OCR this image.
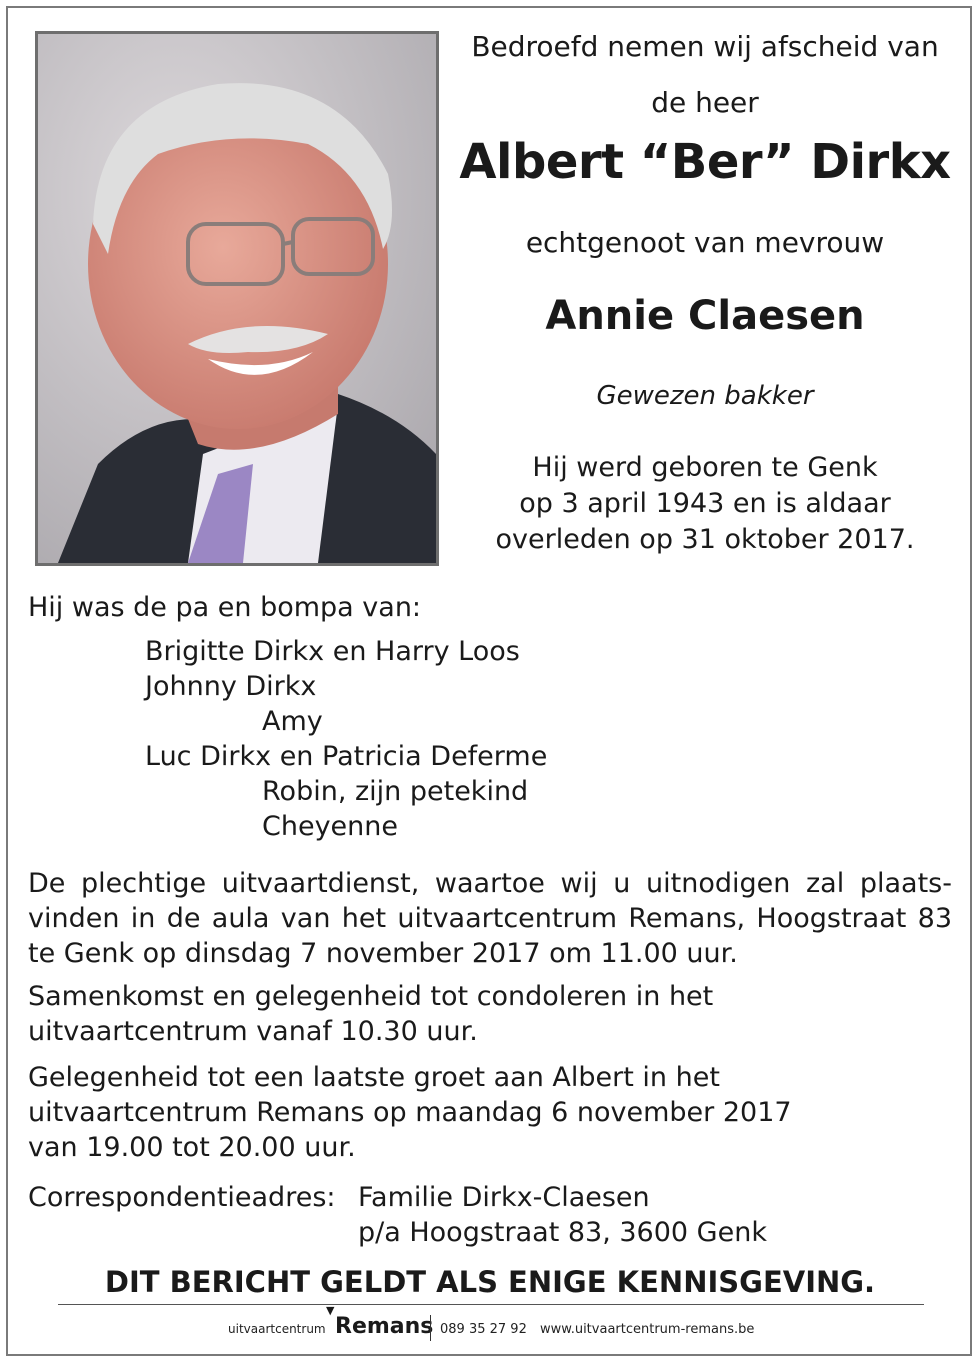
Bedroefd nemen wij afscheid van
de heer
Albert “Ber” Dirkx
echtgenoot van mevrouw
Annie Claesen
Gewezen bakker
Hij werd geboren te Genk
op 3 april 1943 en is aldaar
overleden op 31 oktober 2017.
Hij was de pa en bompa van:
Brigitte Dirkx en Harry Loos
Johnny Dirkx
Amy
Luc Dirkx en Patricia Deferme
Robin, zijn petekind
Cheyenne
De plechtige uitvaartdienst, waartoe wij u uitnodigen zal plaats- vinden in de aula van het uitvaartcentrum Remans, Hoogstraat 83 te Genk op dinsdag 7 november 2017 om 11.00 uur.
Samenkomst en gelegenheid tot condoleren in het uitvaartcentrum vanaf 10.30 uur.
Gelegenheid tot een laatste groet aan Albert in het
uitvaartcentrum Remans op maandag 6 november 2017
van 19.00 tot 20.00 uur.
Correspondentieadres: Familie Dirkx-Claesen
p/a Hoogstraat 83, 3600 Genk
DIT BERICHT GELDT ALS ENIGE KENNISGEVING.
uitvaartcentrum
▼
Remans 089 35 27 92 www.uitvaartcentrum-remans.be
